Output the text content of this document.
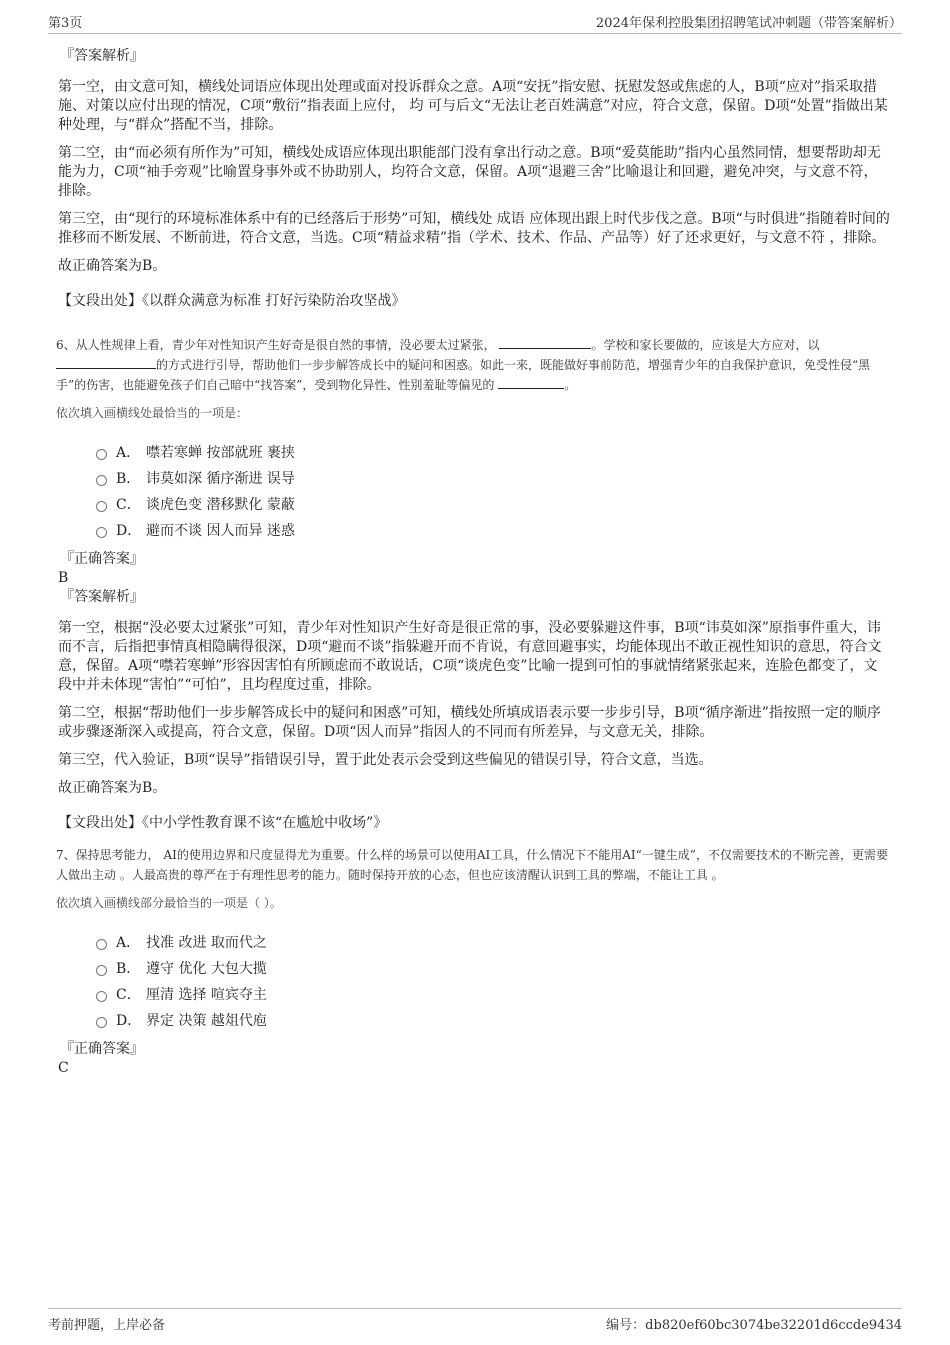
第3页	2024年保利控股集团招聘笔试冲刺题（带答案解析）

『答案解析』

第一空，由文意可知，横线处词语应体现出处理或面对投诉群众之意。A项“安抚”指安慰、抚慰发怒或焦虑的人，B项“应对”指采取措施、对策以应付出现的情况，C项“敷衍”指表面上应付， 均 可与后文“无法让老百姓满意”对应，符合文意，保留。D项“处置”指做出某种处理，与“群众”搭配不当，排除。

第二空，由“而必须有所作为”可知，横线处成语应体现出职能部门没有拿出行动之意。B项“爱莫能助”指内心虽然同情，想要帮助却无能为力，C项“袖手旁观”比喻置身事外或不协助别人，均符合文意，保留。A项“退避三舍”比喻退让和回避，避免冲突，与文意不符，排除。

第三空，由“现行的环境标准体系中有的已经落后于形势”可知，横线处 成语 应体现出跟上时代步伐之意。B项“与时俱进”指随着时间的推移而不断发展、不断前进，符合文意，当选。C项“精益求精”指（学术、技术、作品、产品等）好了还求更好，与文意不符 ，排除。

故正确答案为B。

【文段出处】《以群众满意为标准 打好污染防治攻坚战》

6、从人性规律上看，青少年对性知识产生好奇是很自然的事情，没必要太过紧张，	。学校和家长要做的，应该是大方应对，以 的方式进行引导，帮助他们一步步解答成长中的疑问和困惑。如此一来，既能做好事前防范，增强青少年的自我保护意识，免受性侵“黑手”的伤害，也能避免孩子们自己暗中“找答案”，受到物化异性、性别羞耻等偏见的	。

依次填入画横线处最恰当的一项是：

A． 噤若寒蝉 按部就班 裹挟
B． 讳莫如深 循序渐进 误导
C． 谈虎色变 潜移默化 蒙蔽
D． 避而不谈 因人而异 迷惑

『正确答案』

B

『答案解析』

第一空，根据“没必要太过紧张”可知，青少年对性知识产生好奇是很正常的事，没必要躲避这件事，B项“讳莫如深”原指事件重大，讳而不言，后指把事情真相隐瞒得很深，D项“避而不谈”指躲避开而不肯说，有意回避事实，均能体现出不敢正视性知识的意思，符合文意，保留。A项“噤若寒蝉”形容因害怕有所顾虑而不敢说话，C项“谈虎色变”比喻一提到可怕的事就情绪紧张起来，连脸色都变了，文段中并未体现“害怕”“可怕”，且均程度过重，排除。

第二空，根据“帮助他们一步步解答成长中的疑问和困惑”可知，横线处所填成语表示要一步步引导，B项“循序渐进”指按照一定的顺序或步骤逐渐深入或提高，符合文意，保留。D项“因人而异”指因人的不同而有所差异，与文意无关，排除。

第三空，代入验证，B项“误导”指错误引导，置于此处表示会受到这些偏见的错误引导，符合文意，当选。

故正确答案为B。

【文段出处】《中小学性教育课不该“在尴尬中收场”》

7、保持思考能力， AI的使用边界和尺度显得尤为重要。什么样的场景可以使用AI工具，什么情况下不能用AI“一键生成”，不仅需要技术的不断完善，更需要人做出主动 。人最高贵的尊严在于有理性思考的能力。随时保持开放的心态，但也应该清醒认识到工具的弊端，不能让工具 。

依次填入画横线部分最恰当的一项是（ ）。

A． 找准 改进 取而代之
B． 遵守 优化 大包大揽
C． 厘清 选择 喧宾夺主
D． 界定 决策 越俎代庖

『正确答案』

C

考前押题，上岸必备	编号：db820ef60bc3074be32201d6ccde9434
